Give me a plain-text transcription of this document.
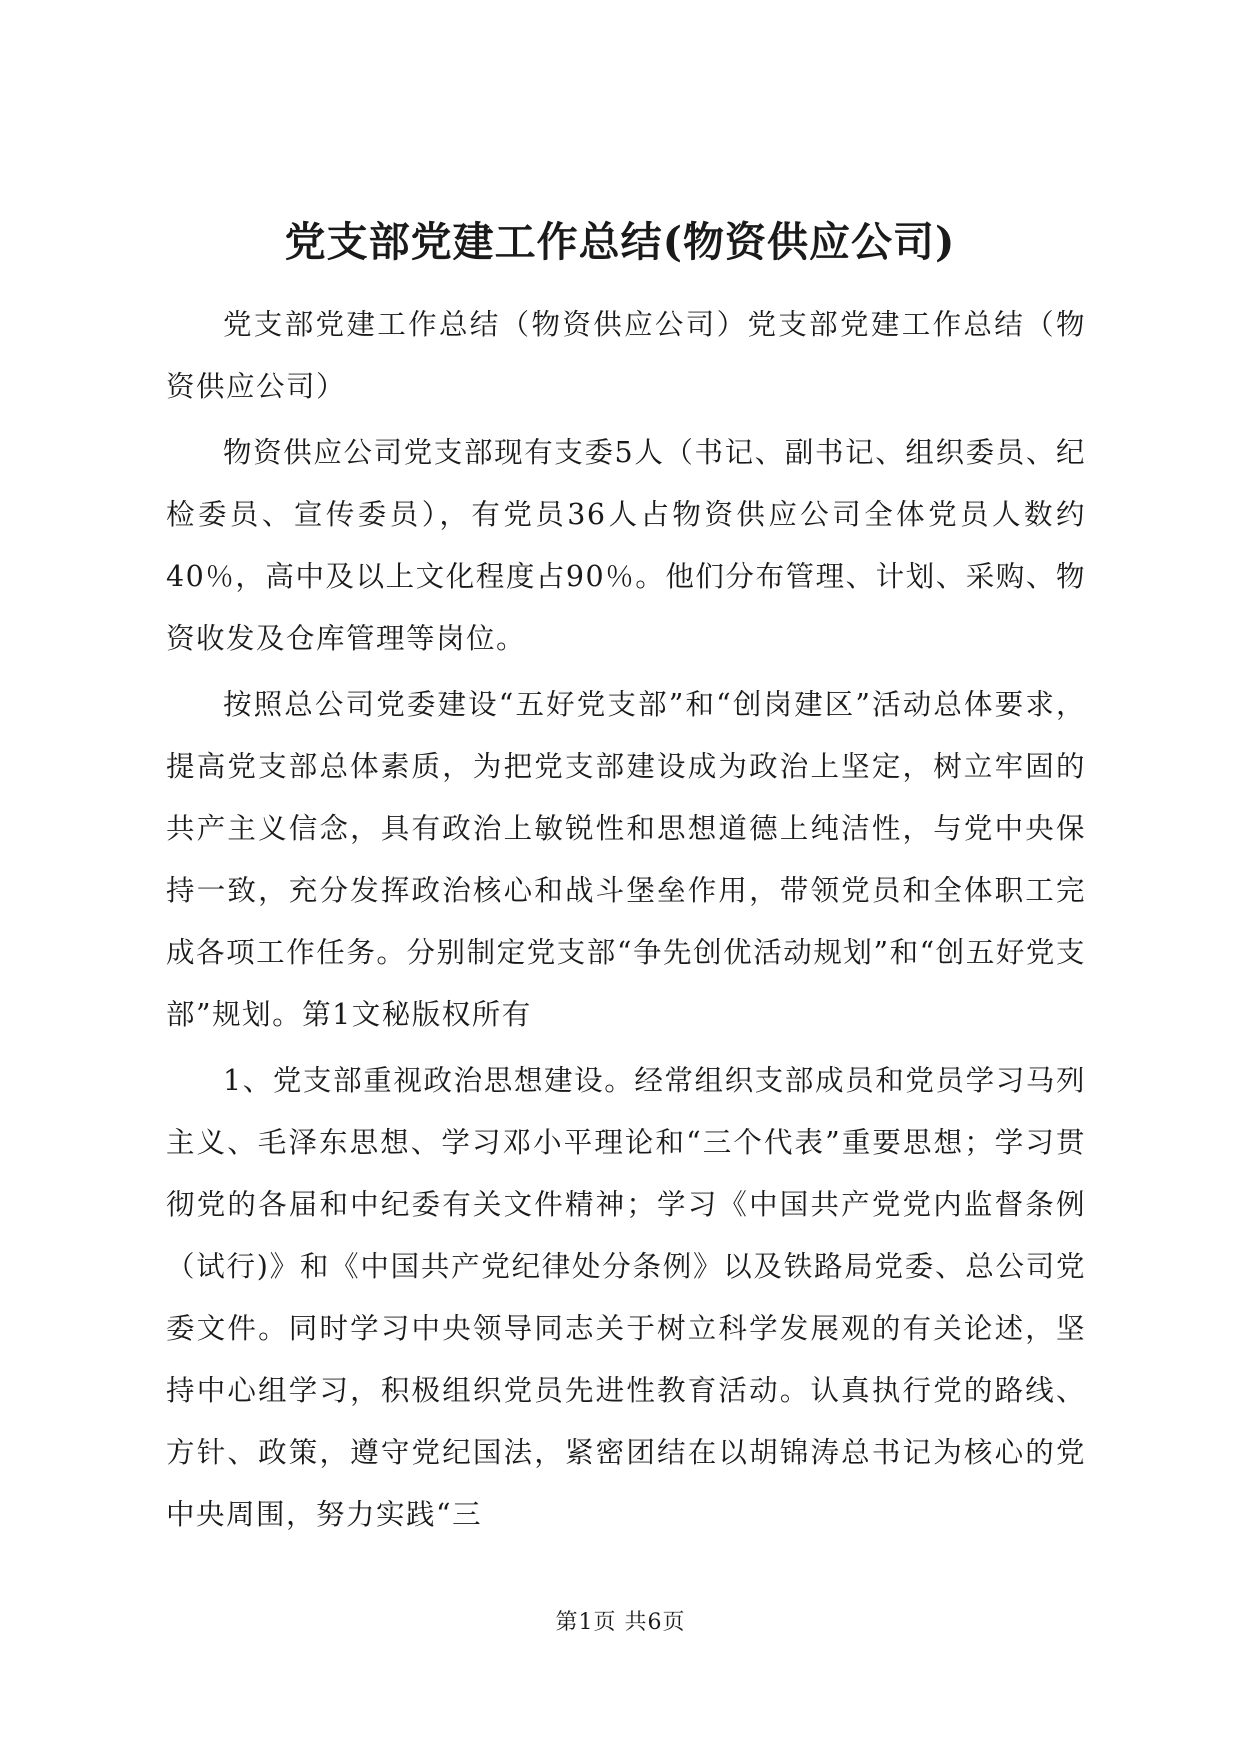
党支部党建工作总结(物资供应公司)

党支部党建工作总结（物资供应公司）党支部党建工作总结（物资供应公司）

物资供应公司党支部现有支委5人（书记、副书记、组织委员、纪检委员、宣传委员），有党员36人占物资供应公司全体党员人数约40％，高中及以上文化程度占90％。他们分布管理、计划、采购、物资收发及仓库管理等岗位。

按照总公司党委建设“五好党支部”和“创岗建区”活动总体要求，提高党支部总体素质，为把党支部建设成为政治上坚定，树立牢固的共产主义信念，具有政治上敏锐性和思想道德上纯洁性，与党中央保持一致，充分发挥政治核心和战斗堡垒作用，带领党员和全体职工完成各项工作任务。分别制定党支部“争先创优活动规划”和“创五好党支部”规划。第1文秘版权所有

1、党支部重视政治思想建设。经常组织支部成员和党员学习马列主义、毛泽东思想、学习邓小平理论和“三个代表”重要思想；学习贯彻党的各届和中纪委有关文件精神；学习《中国共产党党内监督条例（试行)》和《中国共产党纪律处分条例》以及铁路局党委、总公司党委文件。同时学习中央领导同志关于树立科学发展观的有关论述，坚持中心组学习，积极组织党员先进性教育活动。认真执行党的路线、方针、政策，遵守党纪国法，紧密团结在以胡锦涛总书记为核心的党中央周围，努力实践“三

第1页 共6页
